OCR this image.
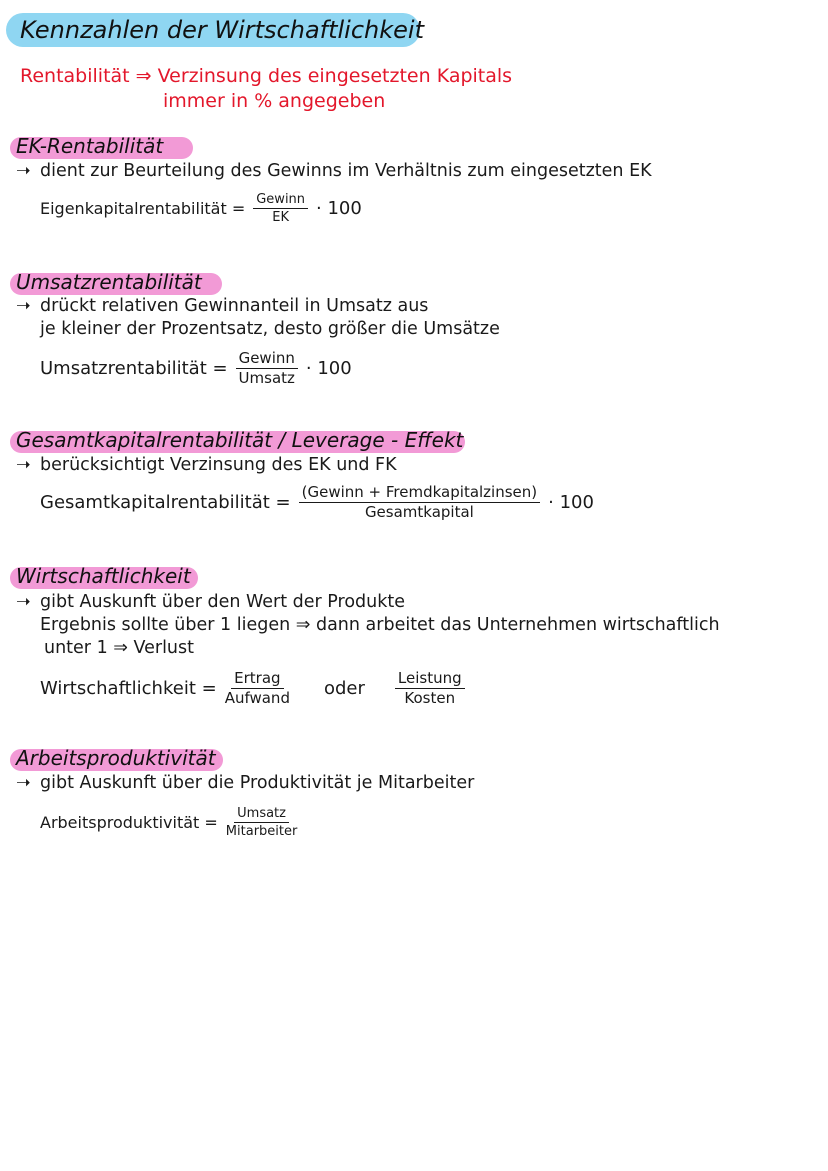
Kennzahlen der Wirtschaftlichkeit
Rentabilität ⇒ Verzinsung des eingesetzten Kapitals
immer in % angegeben
EK-Rentabilität
➝ dient zur Beurteilung des Gewinns im Verhältnis zum eingesetzten EK
Eigenkapitalrentabilität = $\frac{\text{Gewinn}}{EK} \cdot 100$
Umsatzrentabilität
➝ drückt relativen Gewinnanteil in Umsatz aus
je kleiner der Prozentsatz, desto größer die Umsätze
Umsatzrentabilität = $\frac{\text{Gewinn}}{\text{Umsatz}} \cdot 100$
Gesamtkapitalrentabilität / Leverage - Effekt
➝ berücksichtigt Verzinsung des EK und FK
Gesamtkapitalrentabilität = $\frac{\text{(Gewinn + Fremdkapitalzinsen)}}{\text{Gesamtkapital}} \cdot 100$
Wirtschaftlichkeit
➝ gibt Auskunft über den Wert der Produkte
Ergebnis sollte über 1 liegen ⇒ dann arbeitet das Unternehmen wirtschaftlich
unter 1 ⇒ Verlust
Wirtschaftlichkeit = $\frac{\text{Ertrag}}{\text{Aufwand}}$ oder $\frac{\text{Leistung}}{\text{Kosten}}$
Arbeitsproduktivität
➝ gibt Auskunft über die Produktivität je Mitarbeiter
Arbeitsproduktivität = $\frac{\text{Umsatz}}{\text{Mitarbeiter}}$
